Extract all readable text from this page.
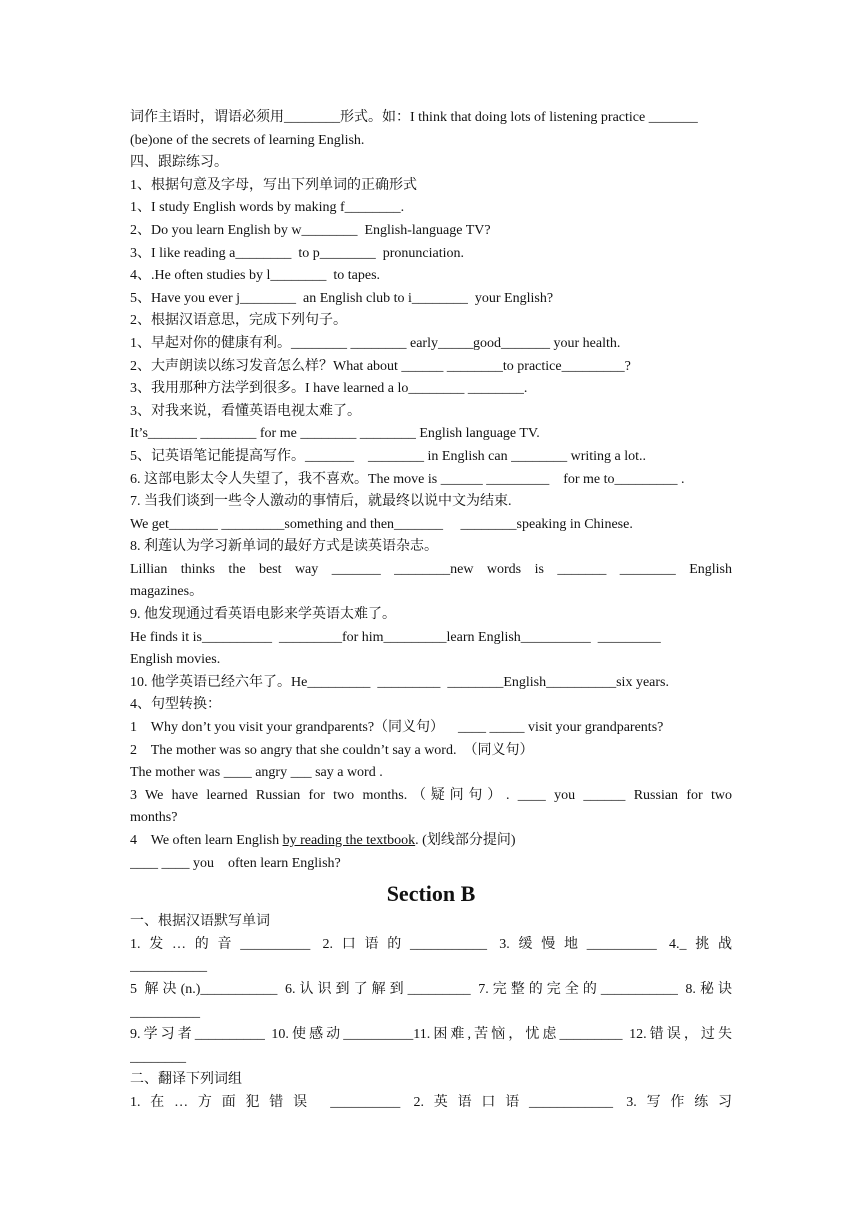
词作主语时，谓语必须用________形式。如：I think that doing lots of listening practice _______
(be)one of the secrets of learning English.
四、跟踪练习。
1、根据句意及字母，写出下列单词的正确形式
1、I study English words by making f________.
2、Do you learn English by w________  English-language TV?
3、I like reading a________  to p________  pronunciation.
4、.He often studies by l________  to tapes.
5、Have you ever j________  an English club to i________  your English?
2、根据汉语意思，完成下列句子。
1、早起对你的健康有利。________ ________ early_____good_______ your health.
2、大声朗读以练习发音怎么样？What about ______ ________to practice_________?
3、我用那种方法学到很多。I have learned a lo________ ________.
3、对我来说，看懂英语电视太难了。
It’s_______ ________ for me ________ ________ English language TV.
5、记英语笔记能提高写作。_______    ________ in English can ________ writing a lot..
6. 这部电影太令人失望了，我不喜欢。The move is ______ _________    for me to_________ .
7. 当我们谈到一些令人激动的事情后，就最终以说中文为结束.
We get_______ _________something and then_______     ________speaking in Chinese.
8. 利莲认为学习新单词的最好方式是读英语杂志。
Lillian thinks the best way _______ ________new words is _______ ________ English
magazines。
9. 他发现通过看英语电影来学英语太难了。
He finds it is__________  _________for him_________learn English__________  _________
English movies.
10. 他学英语已经六年了。He_________  _________  ________English__________six years.
4、句型转换：
1    Why don’t you visit your grandparents?（同义句）    ____ _____ visit your grandparents?
2    The mother was so angry that she couldn’t say a word.  （同义句）
The mother was ____ angry ___ say a word .
3 We have learned Russian for two months.（疑问句）. ____ you ______ Russian for two
months?
4    We often learn English by reading the textbook. (划线部分提问)
____ ____ you    often learn English?
Section B
一、根据汉语默写单词
1.发…的音__________ 2.口语的___________ 3.缓慢地__________ 4._挑战
___________
5 解决(n.)___________ 6.认识到了解到_________ 7.完整的完全的___________ 8.秘诀
__________
9.学习者__________ 10.使感动__________11.困难,苦恼，忧虑_________ 12.错误，过失
________
二、翻译下列词组
1.在…方面犯错误 __________ 2.英语口语____________ 3.写作练习
